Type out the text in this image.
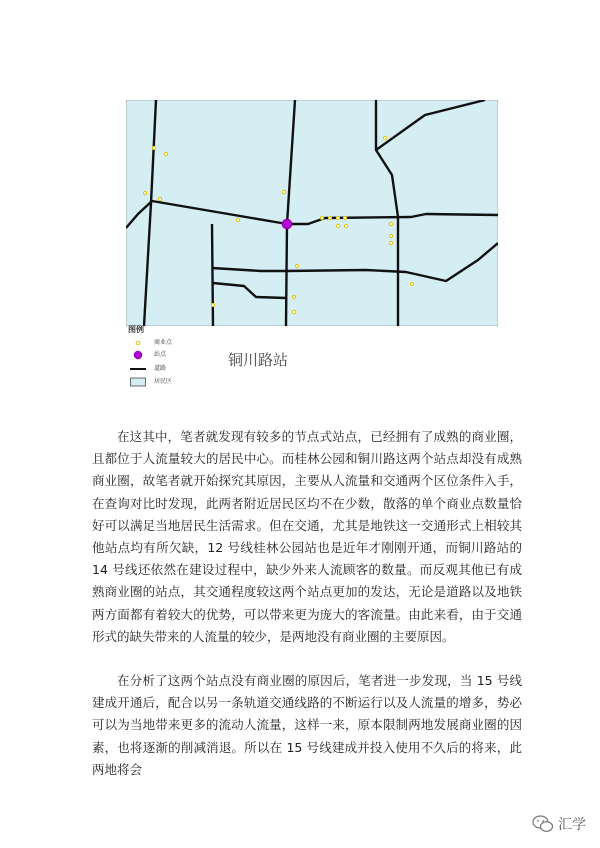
图例
商业点
站点
道路
居民区
铜川路站

在这其中，笔者就发现有较多的节点式站点，已经拥有了成熟的商业圈，且都位于人流量较大的居民中心。而桂林公园和铜川路这两个站点却没有成熟商业圈，故笔者就开始探究其原因，主要从人流量和交通两个区位条件入手，在查询对比时发现，此两者附近居民区均不在少数，散落的单个商业点数量恰好可以满足当地居民生活需求。但在交通，尤其是地铁这一交通形式上相较其他站点均有所欠缺，12 号线桂林公园站也是近年才刚刚开通，而铜川路站的 14 号线还依然在建设过程中，缺少外来人流顾客的数量。而反观其他已有成熟商业圈的站点，其交通程度较这两个站点更加的发达，无论是道路以及地铁两方面都有着较大的优势，可以带来更为庞大的客流量。由此来看，由于交通形式的缺失带来的人流量的较少，是两地没有商业圈的主要原因。

在分析了这两个站点没有商业圈的原因后，笔者进一步发现，当 15 号线建成开通后，配合以另一条轨道交通线路的不断运行以及人流量的增多，势必可以为当地带来更多的流动人流量，这样一来，原本限制两地发展商业圈的因素，也将逐渐的削减消退。所以在 15 号线建成并投入使用不久后的将来，此两地将会

汇学
